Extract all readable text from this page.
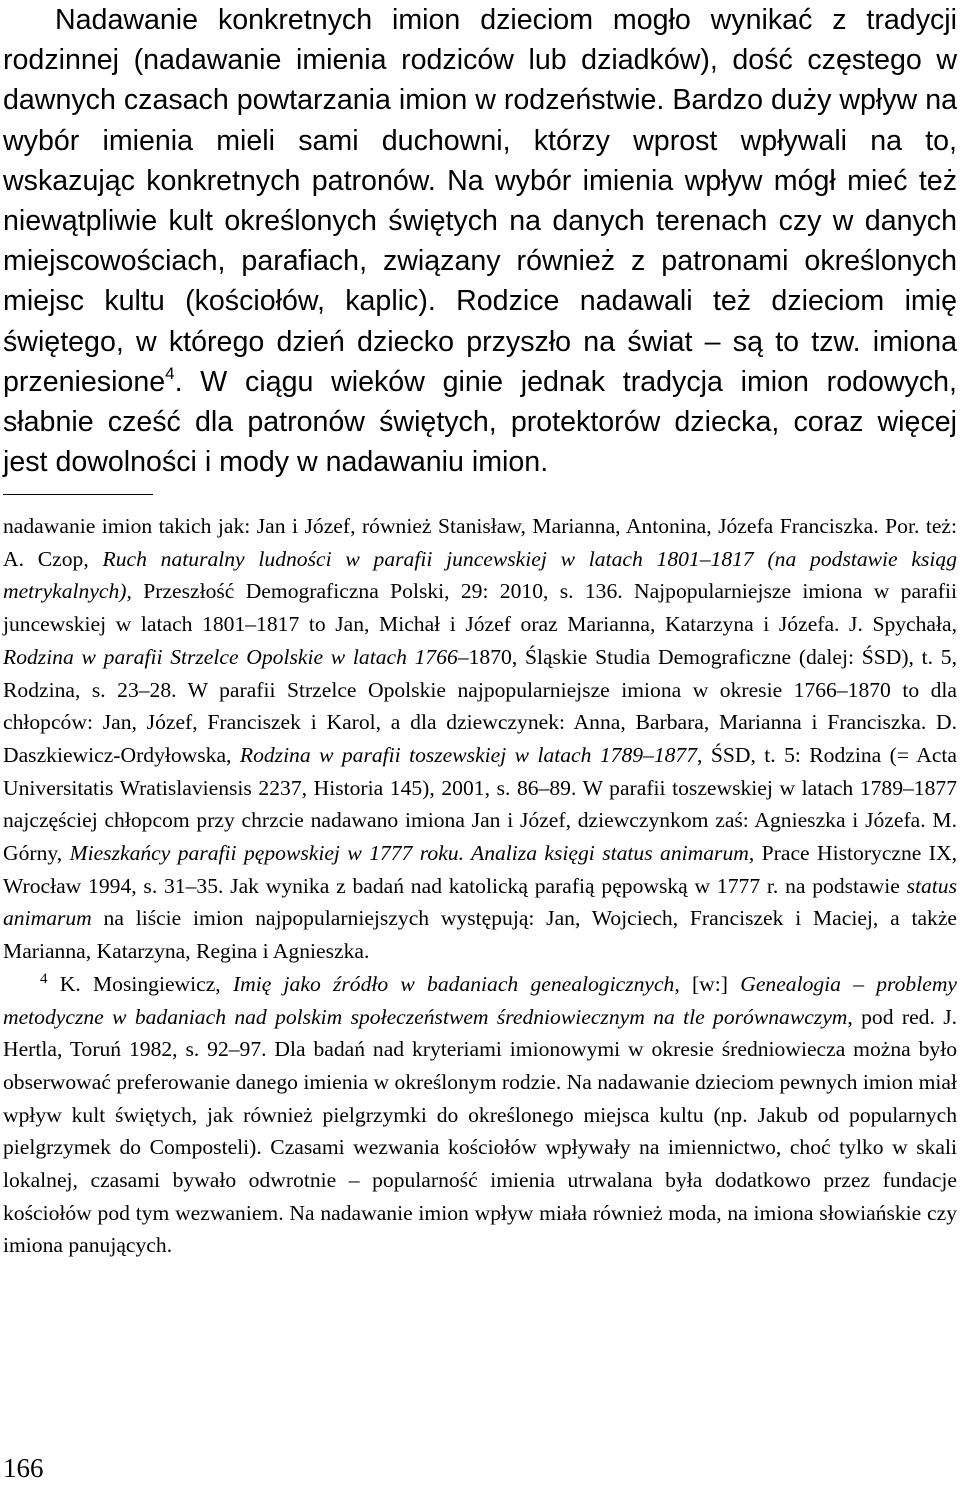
Nadawanie konkretnych imion dzieciom mogło wynikać z tradycji rodzinnej (nadawanie imienia rodziców lub dziadków), dość częstego w dawnych czasach powtarzania imion w rodzeństwie. Bardzo duży wpływ na wybór imienia mieli sami duchowni, którzy wprost wpływali na to, wskazując konkretnych patronów. Na wybór imienia wpływ mógł mieć też niewątpliwie kult określonych świętych na danych terenach czy w danych miejscowościach, parafiach, związany również z patronami określonych miejsc kultu (kościołów, kaplic). Rodzice nadawali też dzieciom imię świętego, w którego dzień dziecko przyszło na świat – są to tzw. imiona przeniesione$^4$. W ciągu wieków ginie jednak tradycja imion rodowych, słabnie cześć dla patronów świętych, protektorów dziecka, coraz więcej jest dowolności i mody w nadawaniu imion.

nadawanie imion takich jak: Jan i Józef, również Stanisław, Marianna, Antonina, Józefa Franciszka. Por. też: A. Czop, Ruch naturalny ludności w parafii juncewskiej w latach 1801–1817 (na podstawie ksiąg metrykalnych), Przeszłość Demograficzna Polski, 29: 2010, s. 136. Najpopularniejsze imiona w parafii juncewskiej w latach 1801–1817 to Jan, Michał i Józef oraz Marianna, Katarzyna i Józefa. J. Spychała, Rodzina w parafii Strzelce Opolskie w latach 1766–1870, Śląskie Studia Demograficzne (dalej: ŚSD), t. 5, Rodzina, s. 23–28. W parafii Strzelce Opolskie najpopularniejsze imiona w okresie 1766–1870 to dla chłopców: Jan, Józef, Franciszek i Karol, a dla dziewczynek: Anna, Barbara, Marianna i Franciszka. D. Daszkiewicz-Ordyłowska, Rodzina w parafii toszewskiej w latach 1789–1877, ŚSD, t. 5: Rodzina (= Acta Universitatis Wratislaviensis 2237, Historia 145), 2001, s. 86–89. W parafii toszewskiej w latach 1789–1877 najczęściej chłopcom przy chrzcie nadawano imiona Jan i Józef, dziewczynkom zaś: Agnieszka i Józefa. M. Górny, Mieszkańcy parafii pępowskiej w 1777 roku. Analiza księgi status animarum, Prace Historyczne IX, Wrocław 1994, s. 31–35. Jak wynika z badań nad katolicką parafią pępowską w 1777 r. na podstawie status animarum na liście imion najpopularniejszych występują: Jan, Wojciech, Franciszek i Maciej, a także Marianna, Katarzyna, Regina i Agnieszka.

$^4$ K. Mosingiewicz, Imię jako źródło w badaniach genealogicznych, [w:] Genealogia – problemy metodyczne w badaniach nad polskim społeczeństwem średniowiecznym na tle porównawczym, pod red. J. Hertla, Toruń 1982, s. 92–97. Dla badań nad kryteriami imionowymi w okresie średniowiecza można było obserwować preferowanie danego imienia w określonym rodzie. Na nadawanie dzieciom pewnych imion miał wpływ kult świętych, jak również pielgrzymki do określonego miejsca kultu (np. Jakub od popularnych pielgrzymek do Composteli). Czasami wezwania kościołów wpływały na imiennictwo, choć tylko w skali lokalnej, czasami bywało odwrotnie – popularność imienia utrwalana była dodatkowo przez fundacje kościołów pod tym wezwaniem. Na nadawanie imion wpływ miała również moda, na imiona słowiańskie czy imiona panujących.

166
